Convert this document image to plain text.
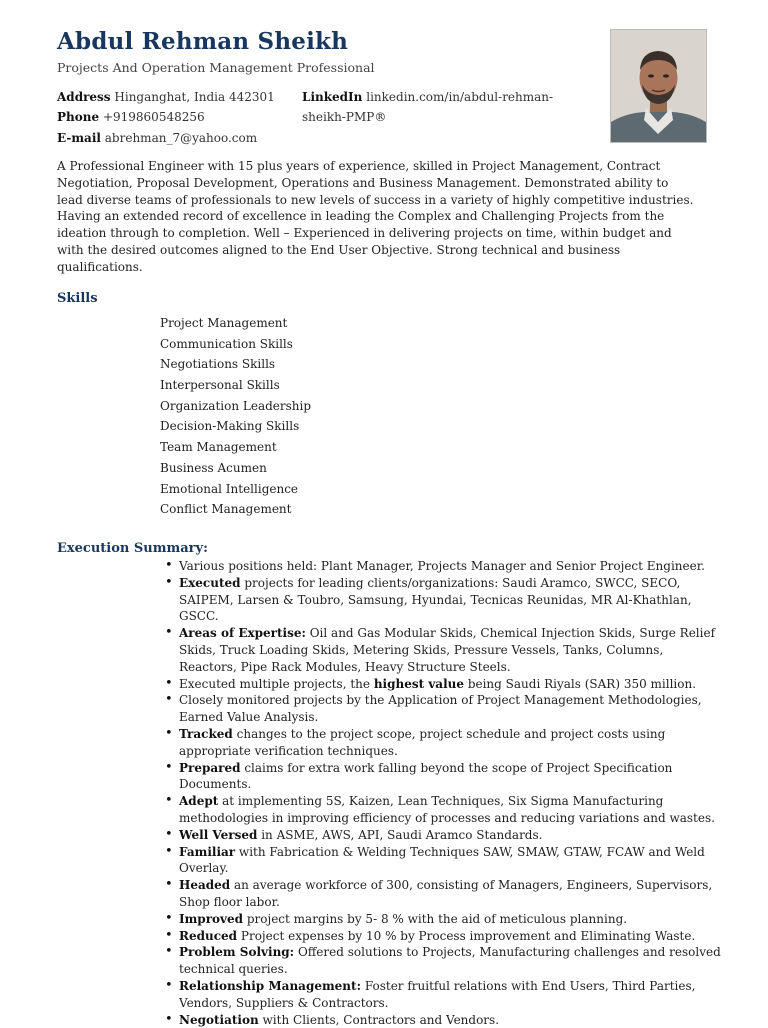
Abdul Rehman Sheikh
Projects And Operation Management Professional
Address Hinganghat, India 442301
Phone +919860548256
E-mail abrehman_7@yahoo.com
LinkedIn linkedin.com/in/abdul-rehman-
sheikh-PMP®
A Professional Engineer with 15 plus years of experience, skilled in Project Management, Contract Negotiation, Proposal Development, Operations and Business Management. Demonstrated ability to lead diverse teams of professionals to new levels of success in a variety of highly competitive industries. Having an extended record of excellence in leading the Complex and Challenging Projects from the ideation through to completion. Well – Experienced in delivering projects on time, within budget and with the desired outcomes aligned to the End User Objective. Strong technical and business qualifications.
Skills
Project Management
Communication Skills
Negotiations Skills
Interpersonal Skills
Organization Leadership
Decision-Making Skills
Team Management
Business Acumen
Emotional Intelligence
Conflict Management
Execution Summary:
• Various positions held: Plant Manager, Projects Manager and Senior Project Engineer.
• Executed projects for leading clients/organizations: Saudi Aramco, SWCC, SECO, SAIPEM, Larsen & Toubro, Samsung, Hyundai, Tecnicas Reunidas, MR Al-Khathlan, GSCC.
• Areas of Expertise: Oil and Gas Modular Skids, Chemical Injection Skids, Surge Relief Skids, Truck Loading Skids, Metering Skids, Pressure Vessels, Tanks, Columns, Reactors, Pipe Rack Modules, Heavy Structure Steels.
• Executed multiple projects, the highest value being Saudi Riyals (SAR) 350 million.
• Closely monitored projects by the Application of Project Management Methodologies, Earned Value Analysis.
• Tracked changes to the project scope, project schedule and project costs using appropriate verification techniques.
• Prepared claims for extra work falling beyond the scope of Project Specification Documents.
• Adept at implementing 5S, Kaizen, Lean Techniques, Six Sigma Manufacturing methodologies in improving efficiency of processes and reducing variations and wastes.
• Well Versed in ASME, AWS, API, Saudi Aramco Standards.
• Familiar with Fabrication & Welding Techniques SAW, SMAW, GTAW, FCAW and Weld Overlay.
• Headed an average workforce of 300, consisting of Managers, Engineers, Supervisors, Shop floor labor.
• Improved project margins by 5- 8 % with the aid of meticulous planning.
• Reduced Project expenses by 10 % by Process improvement and Eliminating Waste.
• Problem Solving: Offered solutions to Projects, Manufacturing challenges and resolved technical queries.
• Relationship Management: Foster fruitful relations with End Users, Third Parties, Vendors, Suppliers & Contractors.
• Negotiation with Clients, Contractors and Vendors.
